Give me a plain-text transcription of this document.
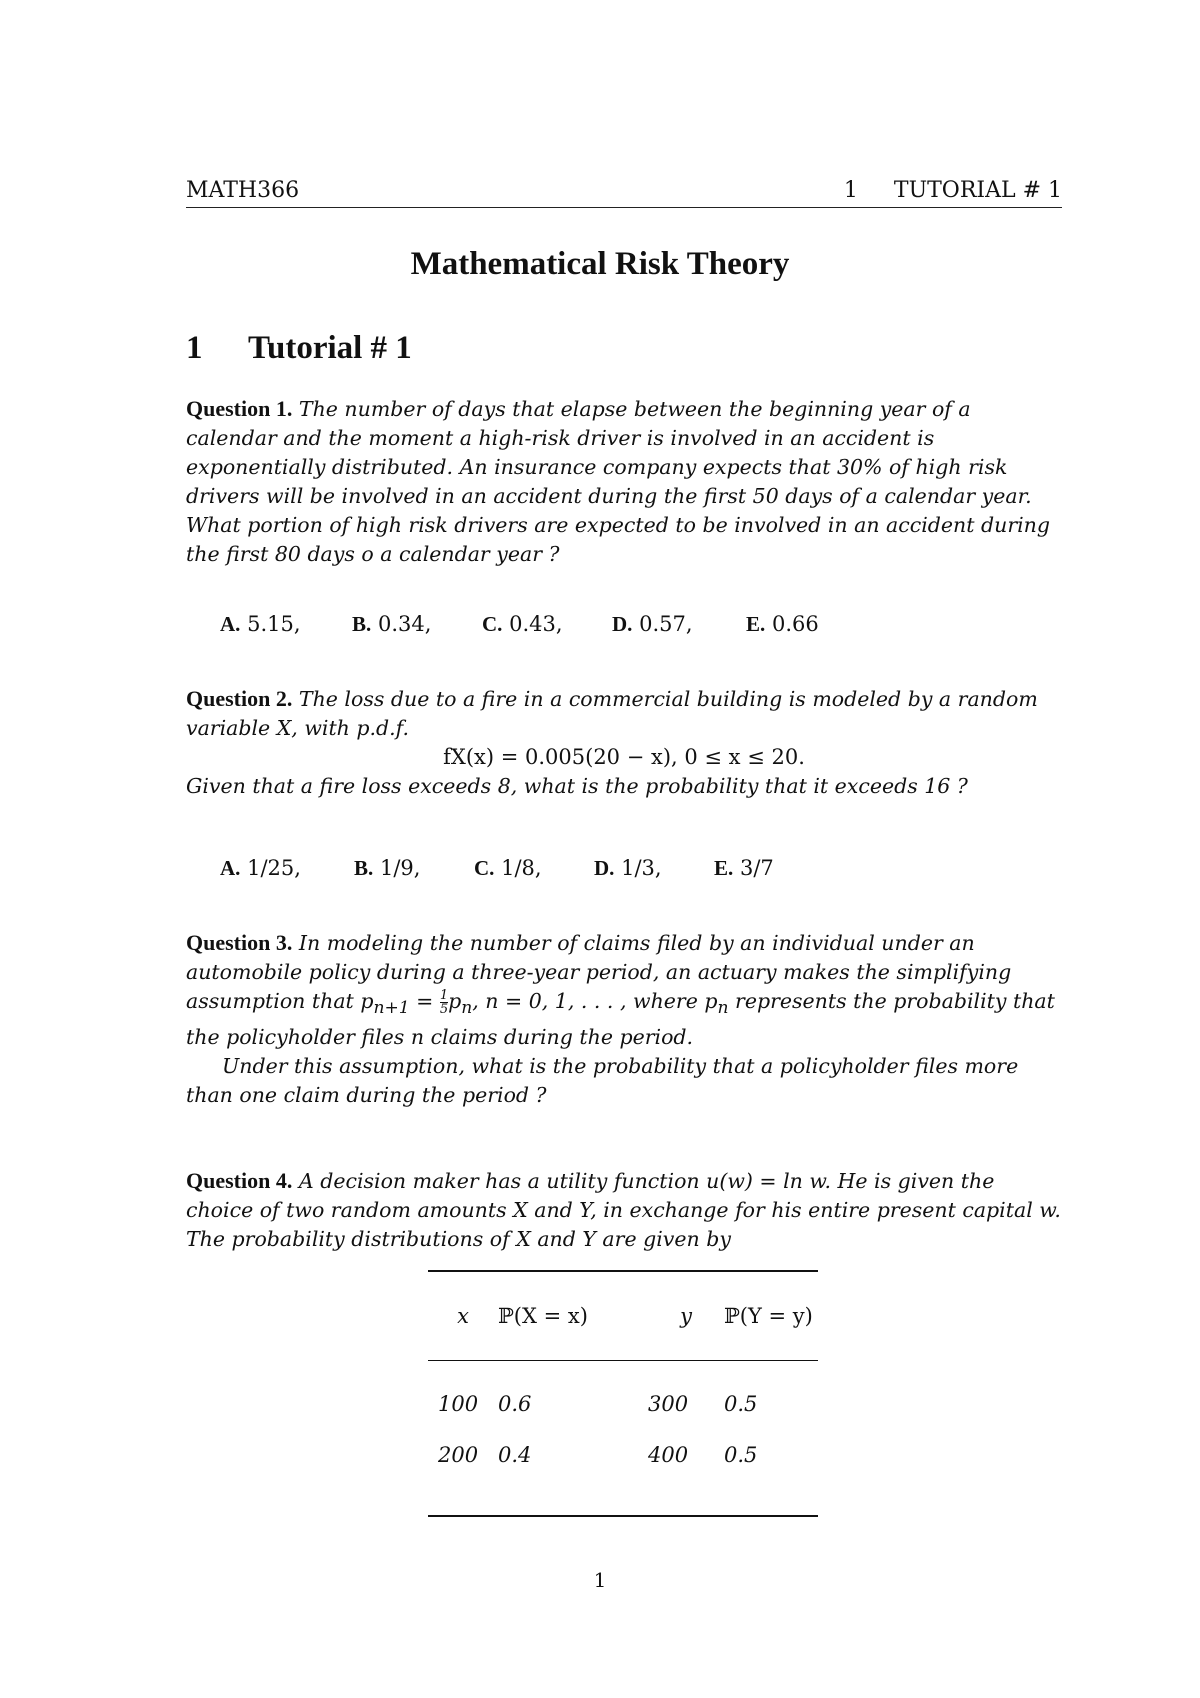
MATH366	1 TUTORIAL # 1
Mathematical Risk Theory
1 Tutorial # 1

Question 1. The number of days that elapse between the beginning year of a calendar and the moment a high-risk driver is involved in an accident is exponentially distributed. An insurance company expects that 30% of high risk drivers will be involved in an accident during the first 50 days of a calendar year.

What portion of high risk drivers are expected to be involved in an accident during the first 80 days o a calendar year ?

A. 5.15,	B. 0.34,	C. 0.43,	D. 0.57,	E. 0.66

Question 2. The loss due to a fire in a commercial building is modeled by a random variable X, with p.d.f.

fX(x) = 0.005(20 − x), 0 ≤ x ≤ 20.

Given that a fire loss exceeds 8, what is the probability that it exceeds 16 ?

A. 1/25,	B. 1/9,	C. 1/8,	D. 1/3,	E. 3/7

Question 3. In modeling the number of claims filed by an individual under an automobile policy during a three-year period, an actuary makes the simplifying assumption that $p_{n+1} = \frac{1}{5} p_n$, n = 0, 1, . . . , where $p_n$ represents the probability that the policyholder files n claims during the period.

Under this assumption, what is the probability that a policyholder files more than one claim during the period ?

Question 4. A decision maker has a utility function u(w) = ln w. He is given the choice of two random amounts X and Y, in exchange for his entire present capital w. The probability distributions of X and Y are given by

x	ℙ(X = x)	y	ℙ(Y = y)
100	0.6	300	0.5
200	0.4	400	0.5
1
